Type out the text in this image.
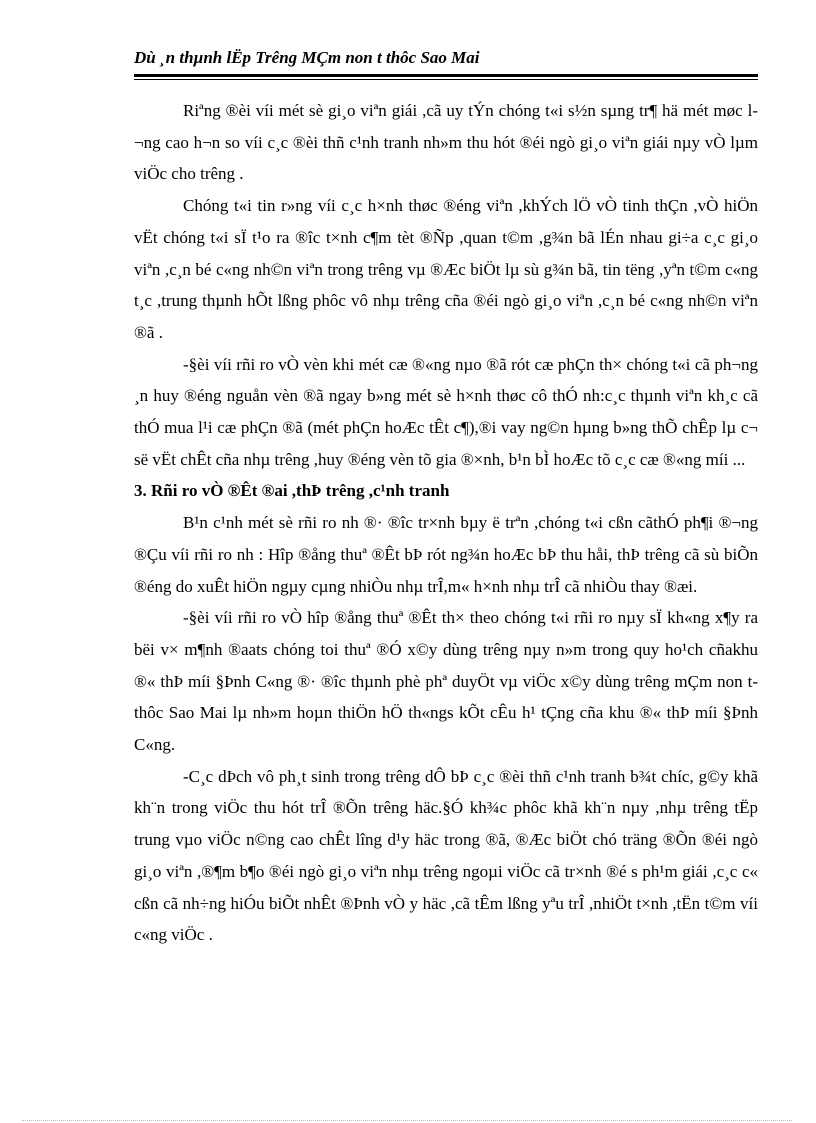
Dù ¸n thµnh lËp Trêng MÇm non t thôc Sao Mai

Riªng ®èi víi mét sè gi¸o viªn giái ,cã uy tÝn chóng t«i s½n sµng tr¶ hä mét møc l¬ng cao h¬n so víi c¸c ®èi thñ c¹nh tranh nh»m thu hót ®éi ngò gi¸o viªn giái nµy vÒ lµm viÖc cho trêng .

Chóng t«i tin r»ng víi c¸c h×nh thøc ®éng viªn ,khÝch lÖ vÒ tinh thÇn ,vÒ hiÖn vËt chóng t«i sÏ t¹o ra ®îc t×nh c¶m tèt ®Ñp ,quan t©m ,g¾n bã lÉn nhau gi÷a c¸c gi¸o viªn ,c¸n bé c«ng nh©n viªn trong trêng vµ ®Æc biÖt lµ sù g¾n bã, tin tëng ,yªn t©m c«ng t¸c ,trung thµnh hÕt lßng phôc vô nhµ trêng cña ®éi ngò gi¸o viªn ,c¸n bé c«ng nh©n viªn ®ã .

-§èi víi rñi ro vÒ vèn khi mét cæ ®«ng nµo ®ã rót cæ phÇn th× chóng t«i cã ph¬ng ¸n huy ®éng nguån vèn ®ã ngay b»ng mét sè h×nh thøc cô thÓ nh:c¸c thµnh viªn kh¸c cã thÓ mua l¹i cæ phÇn ®ã (mét phÇn hoÆc tÊt c¶),®i vay ng©n hµng b»ng thÕ chÊp lµ c¬ së vËt chÊt cña nhµ trêng ,huy ®éng vèn tõ gia ®×nh, b¹n bÌ hoÆc tõ c¸c cæ ®«ng míi ...

3. Rñi ro vÒ ®Êt ®ai ,thÞ trêng ,c¹nh tranh

B¹n c¹nh mét sè rñi ro nh ®· ®îc tr×nh bµy ë trªn ,chóng t«i cßn cãthÓ ph¶i ®¬ng ®Çu víi rñi ro nh : Hîp ®ång thuª ®Êt bÞ rót ng¾n hoÆc bÞ thu håi, thÞ trêng cã sù biÕn ®éng do xuÊt hiÖn ngµy cµng nhiÒu nhµ trÎ,m« h×nh nhµ trÎ cã nhiÒu thay ®æi.

-§èi víi rñi ro vÒ hîp ®ång thuª ®Êt th× theo chóng t«i rñi ro nµy sÏ kh«ng x¶y ra bëi v× m¶nh ®aats chóng toi thuª ®Ó x©y dùng trêng nµy n»m trong quy ho¹ch cñakhu ®« thÞ míi §Þnh C«ng ®· ®îc thµnh phè phª duyÖt vµ viÖc x©y dùng trêng mÇm non t thôc Sao Mai lµ nh»m hoµn thiÖn hÖ th«ngs kÕt cÊu h¹ tÇng cña khu ®« thÞ míi §Þnh C«ng.

-C¸c dÞch vô ph¸t sinh trong trêng dÔ bÞ c¸c ®èi thñ c¹nh tranh b¾t chíc, g©y khã kh¨n trong viÖc thu hót trÎ ®Õn trêng häc.§Ó kh¾c phôc khã kh¨n nµy ,nhµ trêng tËp trung vµo viÖc n©ng cao chÊt lîng d¹y häc trong ®ã, ®Æc biÖt chó träng ®Õn ®éi ngò gi¸o viªn ,®¶m b¶o ®éi ngò gi¸o viªn nhµ trêng ngoµi viÖc cã tr×nh ®é s ph¹m giái ,c¸c c« cßn cã nh÷ng hiÓu biÕt nhÊt ®Þnh vÒ y häc ,cã tÊm lßng yªu trÎ ,nhiÖt t×nh ,tËn t©m víi c«ng viÖc .
